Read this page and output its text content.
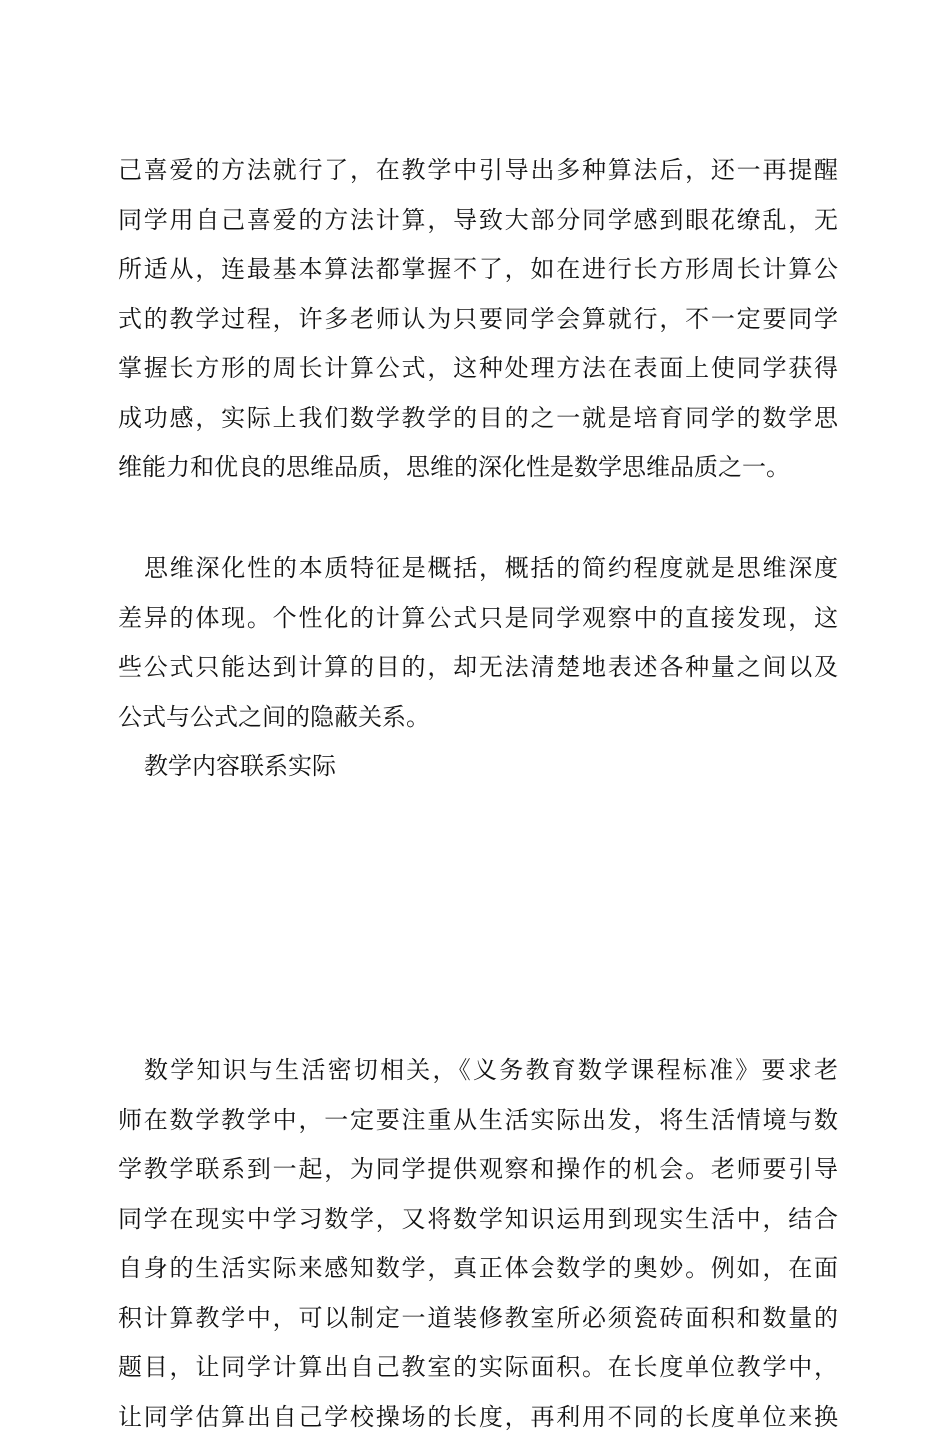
己喜爱的方法就行了，在教学中引导出多种算法后，还一再提醒
同学用自己喜爱的方法计算，导致大部分同学感到眼花缭乱，无
所适从，连最基本算法都掌握不了，如在进行长方形周长计算公
式的教学过程，许多老师认为只要同学会算就行，不一定要同学
掌握长方形的周长计算公式，这种处理方法在表面上使同学获得
成功感，实际上我们数学教学的目的之一就是培育同学的数学思
维能力和优良的思维品质，思维的深化性是数学思维品质之一。
思维深化性的本质特征是概括，概括的简约程度就是思维深度
差异的体现。个性化的计算公式只是同学观察中的直接发现，这
些公式只能达到计算的目的，却无法清楚地表述各种量之间以及
公式与公式之间的隐蔽关系。
教学内容联系实际
数学知识与生活密切相关，《义务教育数学课程标准》要求老
师在数学教学中，一定要注重从生活实际出发，将生活情境与数
学教学联系到一起，为同学提供观察和操作的机会。老师要引导
同学在现实中学习数学，又将数学知识运用到现实生活中，结合
自身的生活实际来感知数学，真正体会数学的奥妙。例如，在面
积计算教学中，可以制定一道装修教室所必须瓷砖面积和数量的
题目，让同学计算出自己教室的实际面积。在长度单位教学中，
让同学估算出自己学校操场的长度，再利用不同的长度单位来换
